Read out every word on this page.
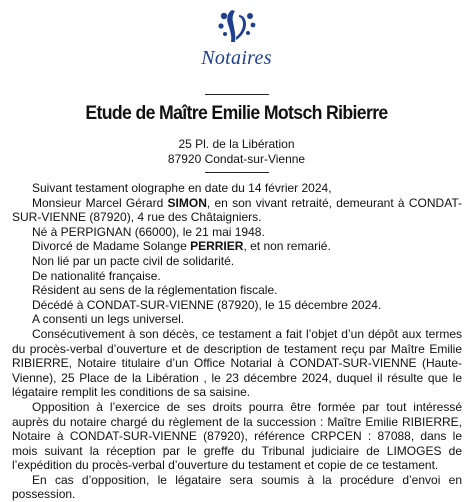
Notaires
Etude de Maître Emilie Motsch Ribierre
25 Pl. de la Libération
87920 Condat-sur-Vienne

Suivant testament olographe en date du 14 février 2024,

Monsieur Marcel Gérard SIMON, en son vivant retraité, demeurant à CONDAT-SUR-VIENNE (87920), 4 rue des Châtaigniers.

Né à PERPIGNAN (66000), le 21 mai 1948.

Divorcé de Madame Solange PERRIER, et non remarié.

Non lié par un pacte civil de solidarité.

De nationalité française.

Résident au sens de la réglementation fiscale.

Décédé à CONDAT-SUR-VIENNE (87920), le 15 décembre 2024.

A consenti un legs universel.

Consécutivement à son décès, ce testament a fait l’objet d’un dépôt aux termes du procès-verbal d’ouverture et de description de testament reçu par Maître Emilie RIBIERRE, Notaire titulaire d’un Office Notarial à CONDAT-SUR-VIENNE (Haute-Vienne), 25 Place de la Libération , le 23 décembre 2024, duquel il résulte que le légataire remplit les conditions de sa saisine.

Opposition à l’exercice de ses droits pourra être formée par tout intéressé auprès du notaire chargé du règlement de la succession : Maître Emilie RIBIERRE, Notaire à CONDAT-SUR-VIENNE (87920), référence CRPCEN : 87088, dans le mois suivant la réception par le greffe du Tribunal judiciaire de LIMOGES de l’expédition du procès-verbal d’ouverture du testament et copie de ce testament.

En cas d’opposition, le légataire sera soumis à la procédure d’envoi en possession.
